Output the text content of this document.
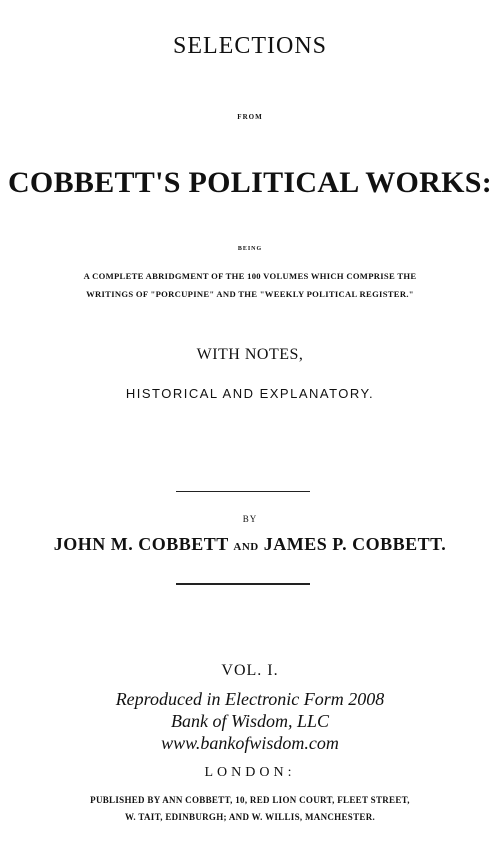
SELECTIONS
FROM
COBBETT'S POLITICAL WORKS:
BEING
A COMPLETE ABRIDGMENT OF THE 100 VOLUMES WHICH COMPRISE THE
WRITINGS OF "PORCUPINE" AND THE "WEEKLY POLITICAL REGISTER."
WITH NOTES,
HISTORICAL AND EXPLANATORY.
BY
JOHN M. COBBETT AND JAMES P. COBBETT.
VOL. I.
Reproduced in Electronic Form 2008
Bank of Wisdom, LLC
www.bankofwisdom.com
LONDON:
PUBLISHED BY ANN COBBETT, 10, RED LION COURT, FLEET STREET,
W. TAIT, EDINBURGH; AND W. WILLIS, MANCHESTER.
